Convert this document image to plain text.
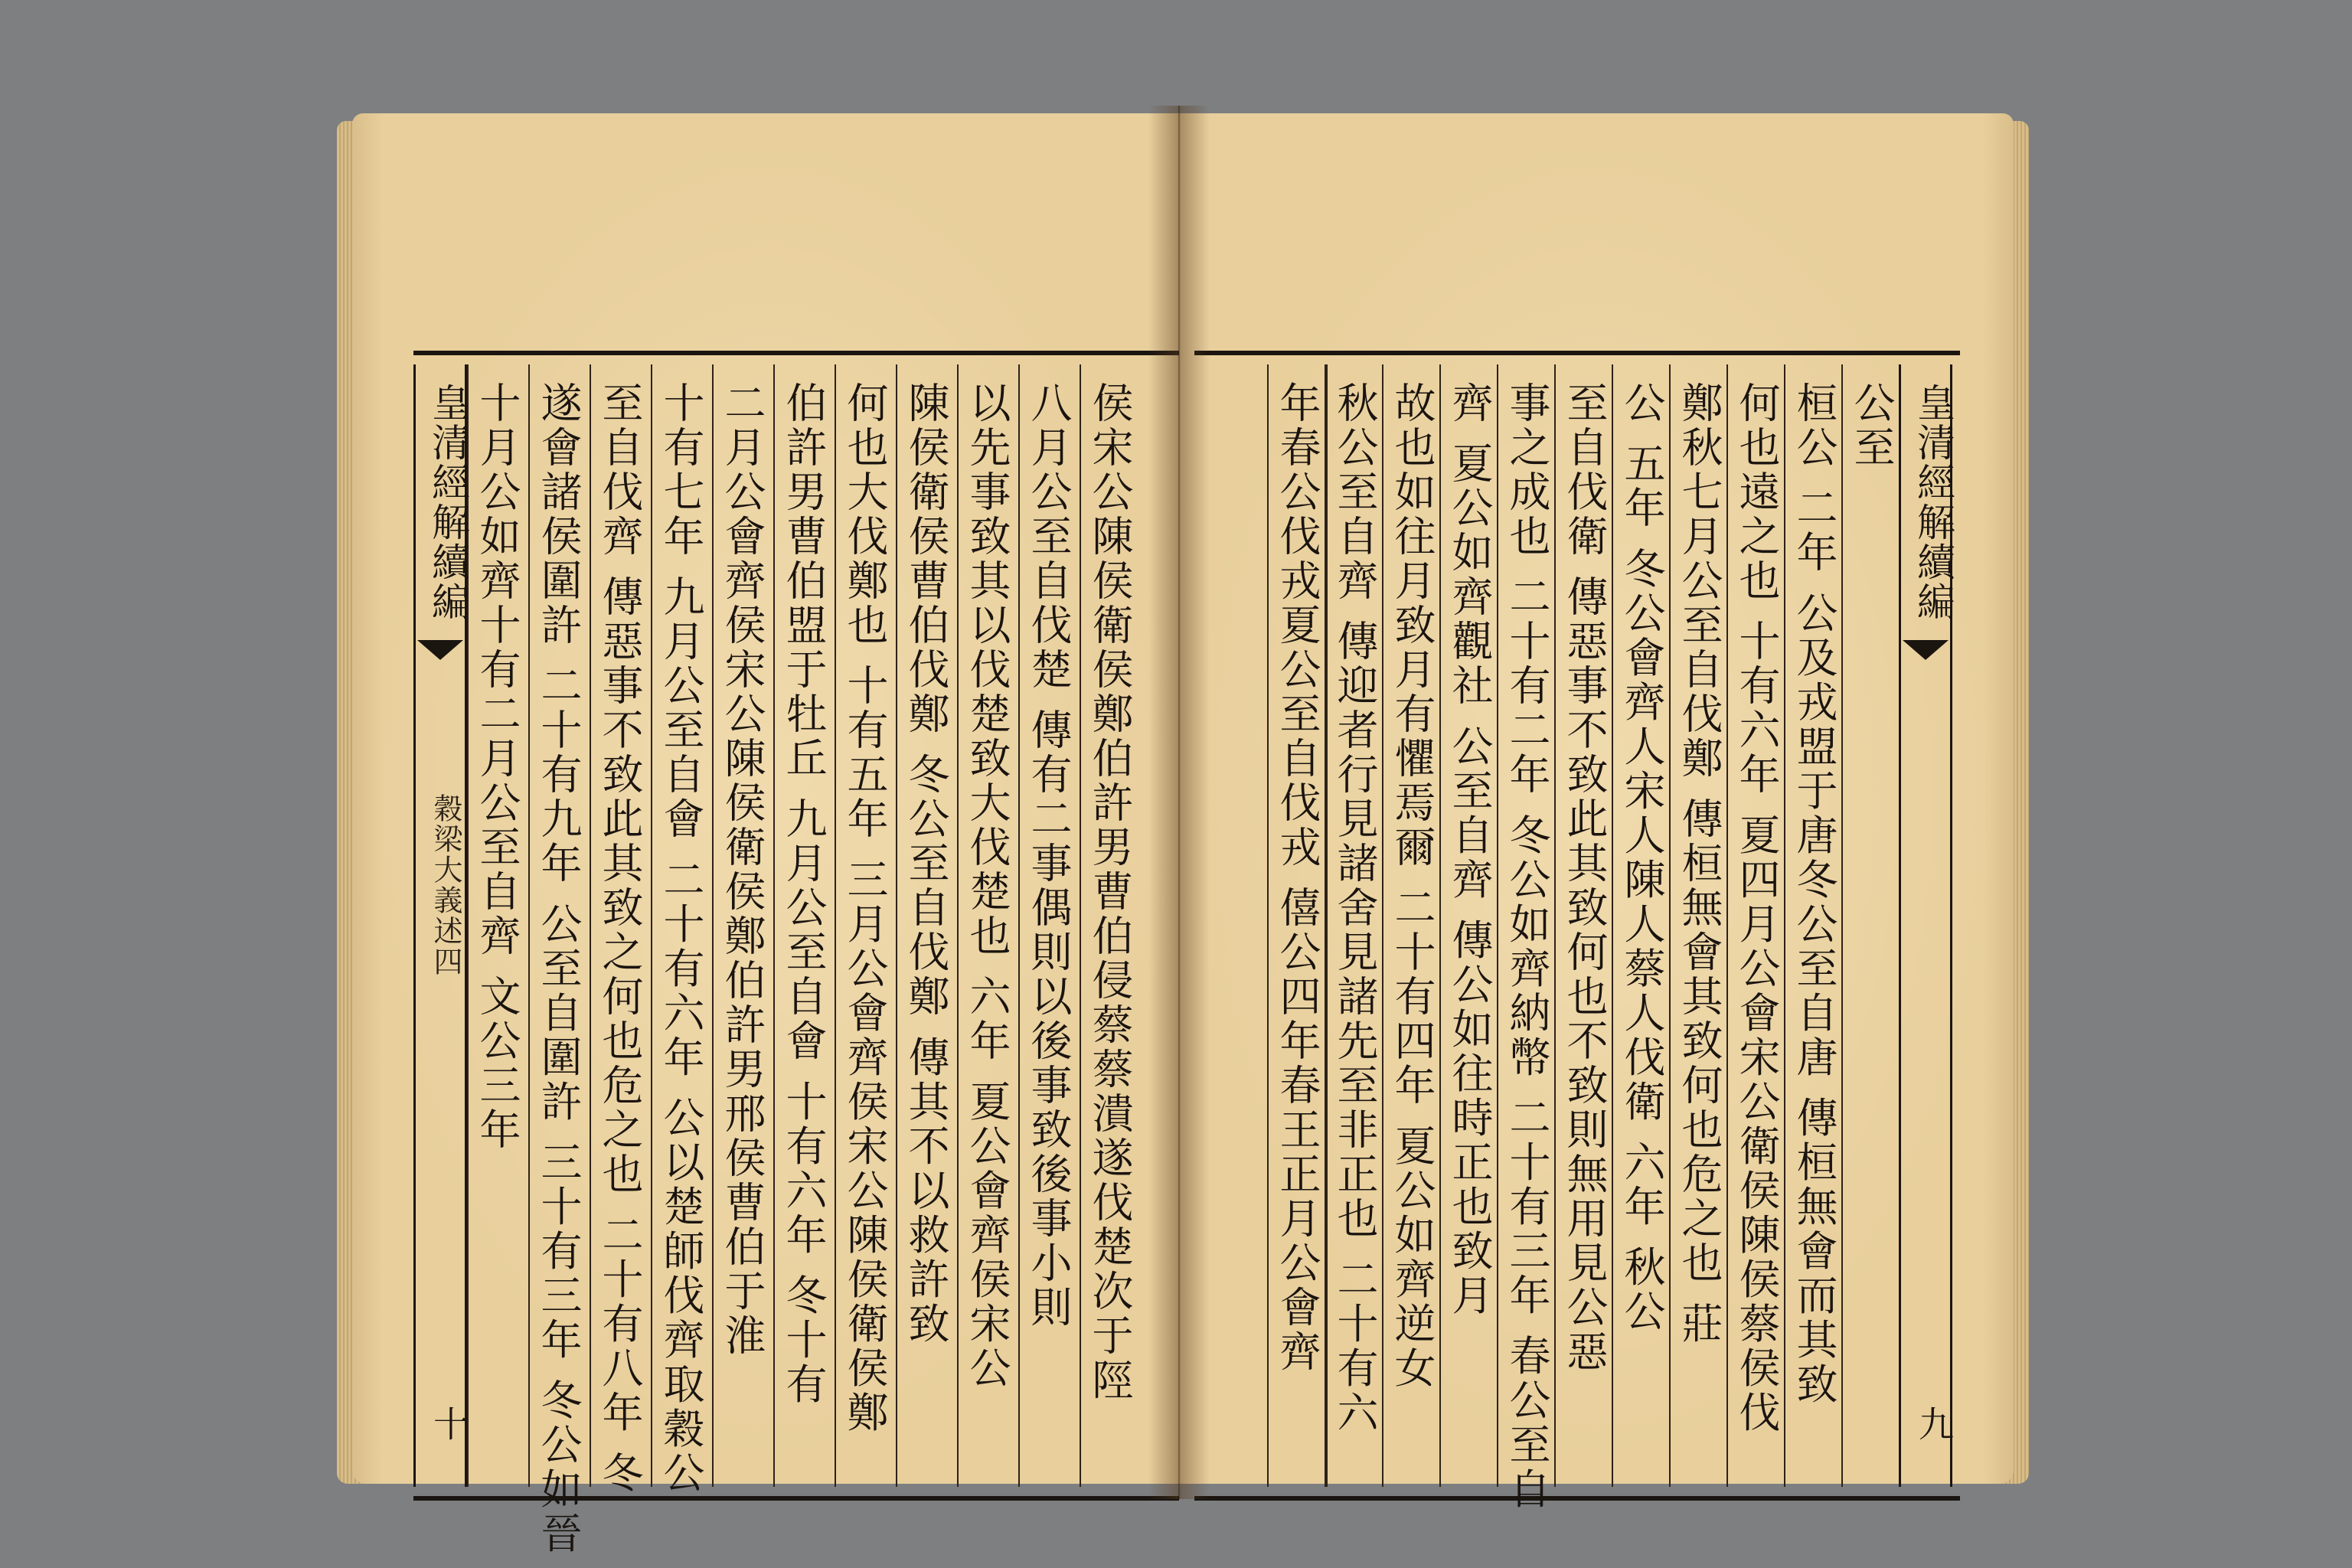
侯宋公陳侯衛侯鄭伯許男曹伯侵蔡蔡潰遂伐楚次于陘
八月公至自伐楚 傳有二事偶則以後事致後事小則
以先事致其以伐楚致大伐楚也 六年 夏公會齊侯宋公
陳侯衛侯曹伯伐鄭 冬公至自伐鄭 傳其不以救許致
何也大伐鄭也 十有五年 三月公會齊侯宋公陳侯衛侯鄭
伯許男曹伯盟于牡丘 九月公至自會 十有六年 冬十有
二月公會齊侯宋公陳侯衛侯鄭伯許男邢侯曹伯于淮
十有七年 九月公至自會 二十有六年 公以楚師伐齊取穀公
至自伐齊 傳惡事不致此其致之何也危之也 二十有八年 冬
遂會諸侯圍許 二十有九年 公至自圍許 三十有三年 冬公如晉
十月公如齊十有二月公至自齊 文公三年
皇清經解續編
穀梁大義述四
十
皇清經解續編
九
公至
桓公 二年 公及戎盟于唐冬公至自唐 傳桓無會而其致
何也遠之也 十有六年 夏四月公會宋公衛侯陳侯蔡侯伐
鄭秋七月公至自伐鄭 傳桓無會其致何也危之也 莊
公 五年 冬公會齊人宋人陳人蔡人伐衛 六年 秋公
至自伐衛 傳惡事不致此其致何也不致則無用見公惡
事之成也 二十有二年 冬公如齊納幣 二十有三年 春公至自
齊 夏公如齊觀社 公至自齊 傳公如往時正也致月
故也如往月致月有懼焉爾 二十有四年 夏公如齊逆女
秋公至自齊 傳迎者行見諸舍見諸先至非正也 二十有六
年春公伐戎夏公至自伐戎 僖公四年春王正月公會齊
